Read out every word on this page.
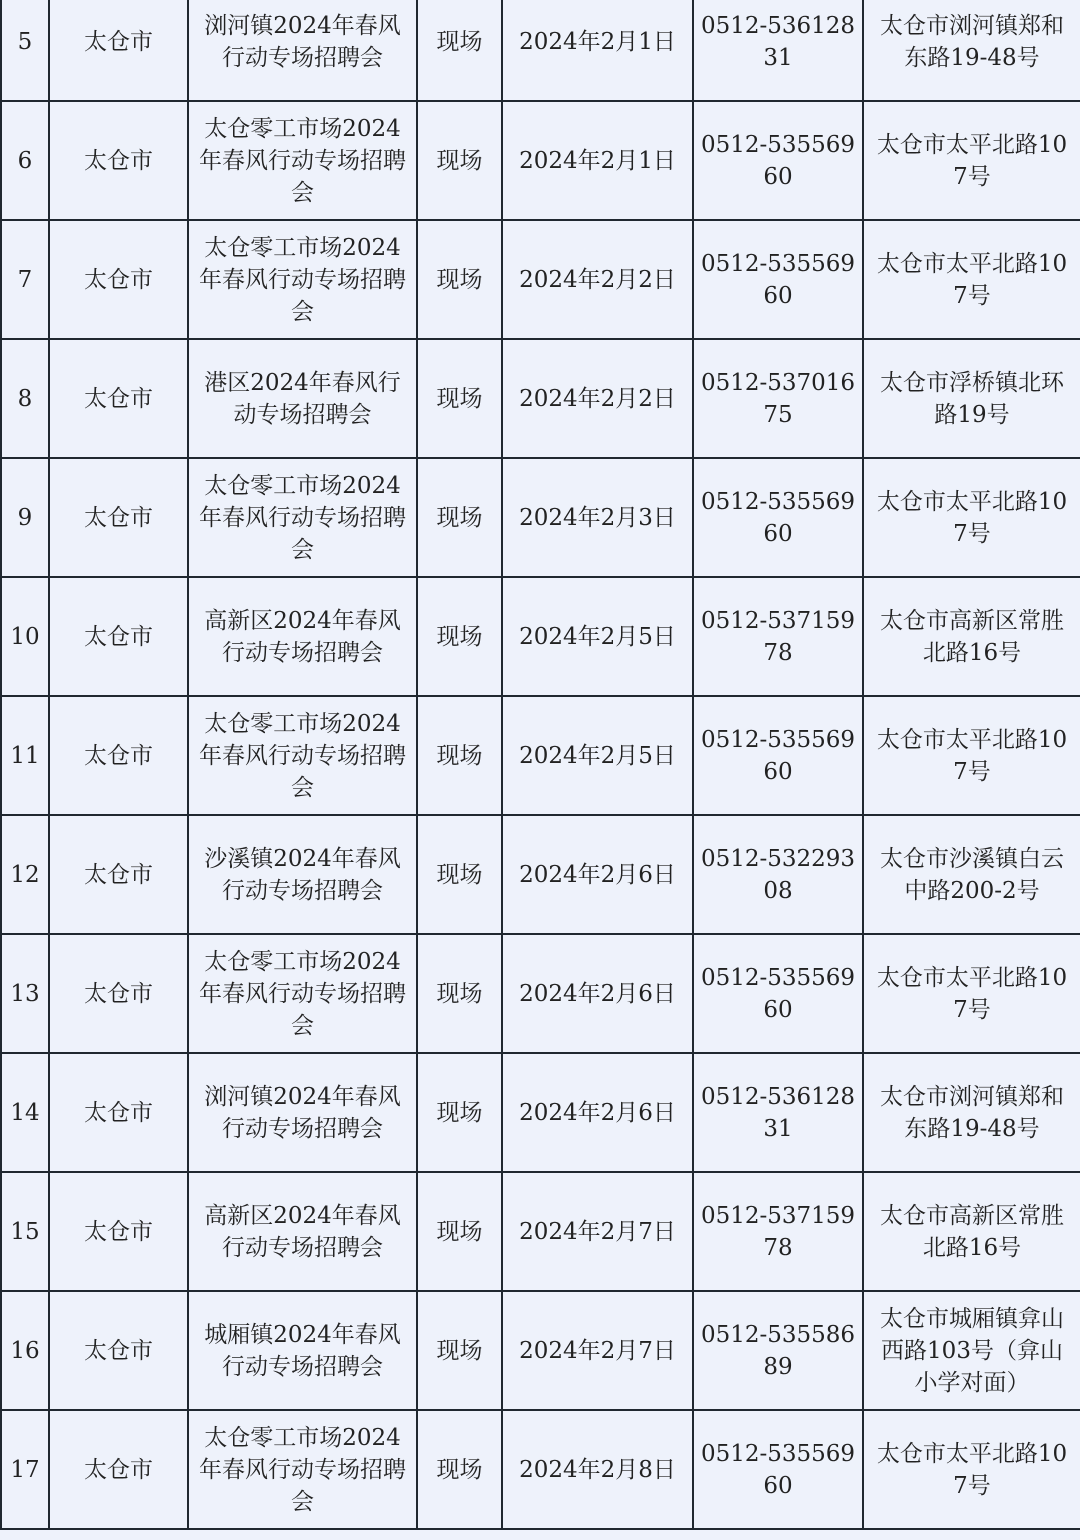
5	太仓市	浏河镇2024年春风行动专场招聘会	现场	2024年2月1日	0512-53612831	太仓市浏河镇郑和东路19-48号
6	太仓市	太仓零工市场2024年春风行动专场招聘会	现场	2024年2月1日	0512-53556960	太仓市太平北路107号
7	太仓市	太仓零工市场2024年春风行动专场招聘会	现场	2024年2月2日	0512-53556960	太仓市太平北路107号
8	太仓市	港区2024年春风行动专场招聘会	现场	2024年2月2日	0512-53701675	太仓市浮桥镇北环路19号
9	太仓市	太仓零工市场2024年春风行动专场招聘会	现场	2024年2月3日	0512-53556960	太仓市太平北路107号
10	太仓市	高新区2024年春风行动专场招聘会	现场	2024年2月5日	0512-53715978	太仓市高新区常胜北路16号
11	太仓市	太仓零工市场2024年春风行动专场招聘会	现场	2024年2月5日	0512-53556960	太仓市太平北路107号
12	太仓市	沙溪镇2024年春风行动专场招聘会	现场	2024年2月6日	0512-53229308	太仓市沙溪镇白云中路200-2号
13	太仓市	太仓零工市场2024年春风行动专场招聘会	现场	2024年2月6日	0512-53556960	太仓市太平北路107号
14	太仓市	浏河镇2024年春风行动专场招聘会	现场	2024年2月6日	0512-53612831	太仓市浏河镇郑和东路19-48号
15	太仓市	高新区2024年春风行动专场招聘会	现场	2024年2月7日	0512-53715978	太仓市高新区常胜北路16号
16	太仓市	城厢镇2024年春风行动专场招聘会	现场	2024年2月7日	0512-53558689	太仓市城厢镇弇山西路103号（弇山小学对面）
17	太仓市	太仓零工市场2024年春风行动专场招聘会	现场	2024年2月8日	0512-53556960	太仓市太平北路107号
